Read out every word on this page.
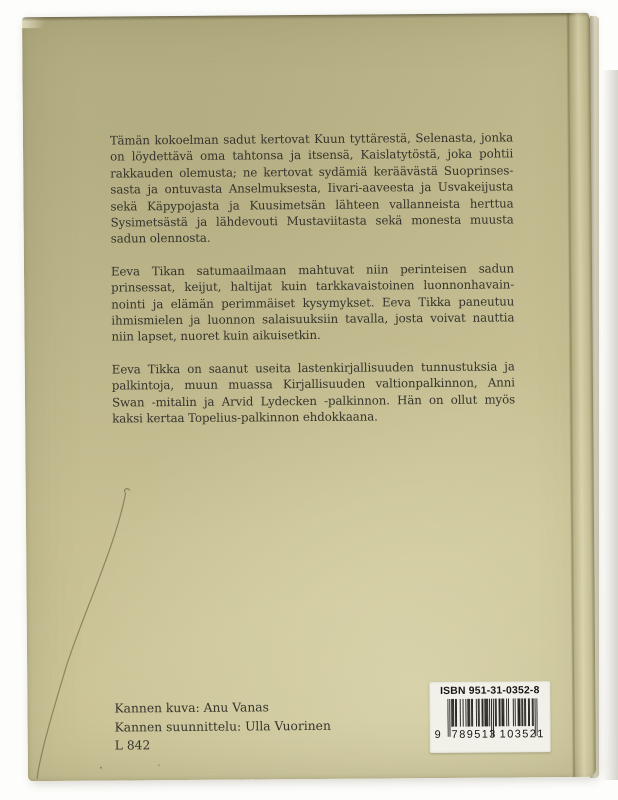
Tämän kokoelman sadut kertovat Kuun tyttärestä, Selenasta, jonka
on löydettävä oma tahtonsa ja itsensä, Kaislatytöstä, joka pohtii
rakkauden olemusta; ne kertovat sydämiä keräävästä Suoprinses-
sasta ja ontuvasta Anselmuksesta, Iivari-aaveesta ja Usvakeijusta
sekä Käpypojasta ja Kuusimetsän lähteen vallanneista herttua
Sysimetsästä ja lähdevouti Mustaviitasta sekä monesta muusta
sadun olennosta.
Eeva Tikan satumaailmaan mahtuvat niin perinteisen sadun
prinsessat, keijut, haltijat kuin tarkkavaistoinen luonnonhavain-
nointi ja elämän perimmäiset kysymykset. Eeva Tikka paneutuu
ihmismielen ja luonnon salaisuuksiin tavalla, josta voivat nauttia
niin lapset, nuoret kuin aikuisetkin.
Eeva Tikka on saanut useita lastenkirjallisuuden tunnustuksia ja
palkintoja, muun muassa Kirjallisuuden valtionpalkinnon, Anni
Swan -mitalin ja Arvid Lydecken -palkinnon. Hän on ollut myös
kaksi kertaa Topelius-palkinnon ehdokkaana.
Kannen kuva: Anu Vanas
Kannen suunnittelu: Ulla Vuorinen
L 842
ISBN 951-31-0352-8
9 789513 103521
